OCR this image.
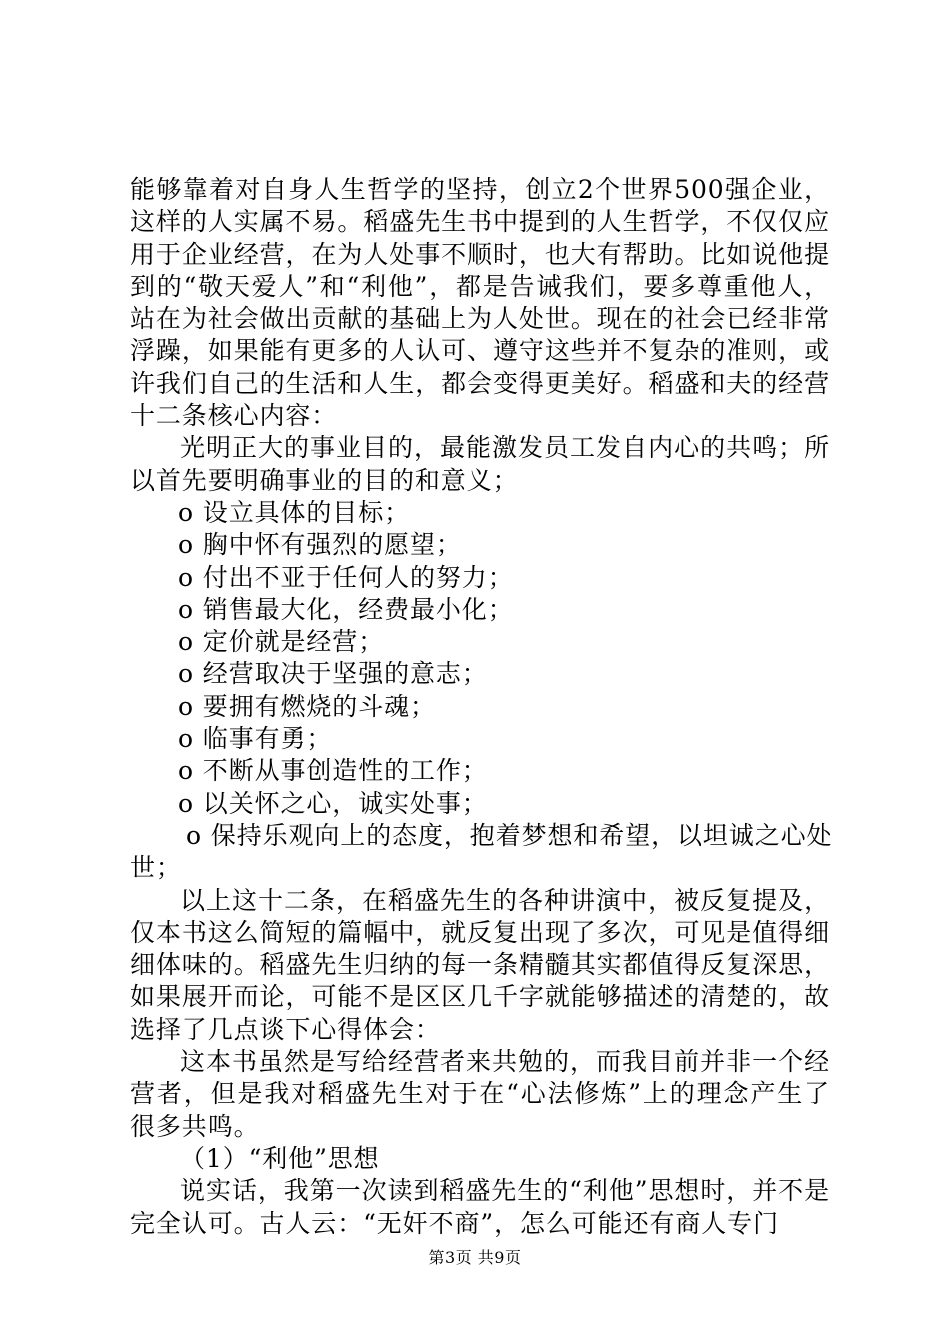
能够靠着对自身人生哲学的坚持，创立2个世界500强企业，这样的人实属不易。稻盛先生书中提到的人生哲学，不仅仅应用于企业经营，在为人处事不顺时，也大有帮助。比如说他提到的“敬天爱人”和“利他”，都是告诫我们，要多尊重他人，站在为社会做出贡献的基础上为人处世。现在的社会已经非常浮躁，如果能有更多的人认可、遵守这些并不复杂的准则，或许我们自己的生活和人生，都会变得更美好。稻盛和夫的经营十二条核心内容：

光明正大的事业目的，最能激发员工发自内心的共鸣；所以首先要明确事业的目的和意义；

o 设立具体的目标；

o 胸中怀有强烈的愿望；

o 付出不亚于任何人的努力；

o 销售最大化，经费最小化；

o 定价就是经营；

o 经营取决于坚强的意志；

o 要拥有燃烧的斗魂；

o 临事有勇；

o 不断从事创造性的工作；

o 以关怀之心，诚实处事；

o 保持乐观向上的态度，抱着梦想和希望，以坦诚之心处
世；

以上这十二条，在稻盛先生的各种讲演中，被反复提及，仅本书这么简短的篇幅中，就反复出现了多次，可见是值得细细体味的。稻盛先生归纳的每一条精髓其实都值得反复深思，如果展开而论，可能不是区区几千字就能够描述的清楚的，故选择了几点谈下心得体会：

这本书虽然是写给经营者来共勉的，而我目前并非一个经营者，但是我对稻盛先生对于在“心法修炼”上的理念产生了很多共鸣。

（1）“利他”思想

说实话，我第一次读到稻盛先生的“利他”思想时，并不是完全认可。古人云：“无奸不商”，怎么可能还有商人专门

第3页 共9页
